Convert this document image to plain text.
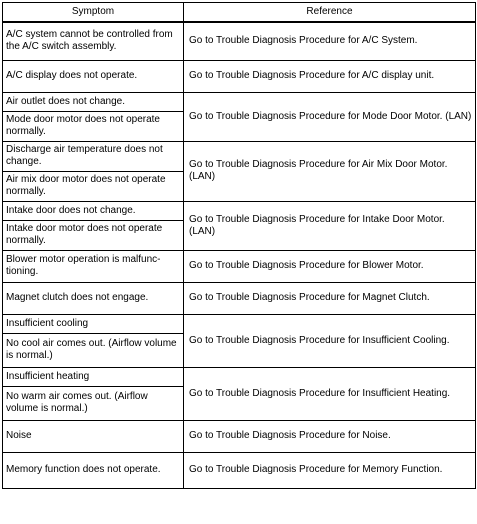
Symptom	Reference
A/C system cannot be controlled from the A/C switch assembly.	Go to Trouble Diagnosis Procedure for A/C System.
A/C display does not operate.	Go to Trouble Diagnosis Procedure for A/C display unit.
Air outlet does not change.	Go to Trouble Diagnosis Procedure for Mode Door Motor. (LAN)
Mode door motor does not operate normally.	
Discharge air temperature does not change.	Go to Trouble Diagnosis Procedure for Air Mix Door Motor. (LAN)
Air mix door motor does not operate normally.	
Intake door does not change.	Go to Trouble Diagnosis Procedure for Intake Door Motor. (LAN)
Intake door motor does not operate normally.	
Blower motor operation is malfunc-tioning.	Go to Trouble Diagnosis Procedure for Blower Motor.
Magnet clutch does not engage.	Go to Trouble Diagnosis Procedure for Magnet Clutch.
Insufficient cooling	Go to Trouble Diagnosis Procedure for Insufficient Cooling.
No cool air comes out. (Airflow volume is normal.)	
Insufficient heating	Go to Trouble Diagnosis Procedure for Insufficient Heating.
No warm air comes out. (Airflow volume is normal.)	
Noise	Go to Trouble Diagnosis Procedure for Noise.
Memory function does not operate.	Go to Trouble Diagnosis Procedure for Memory Function.
